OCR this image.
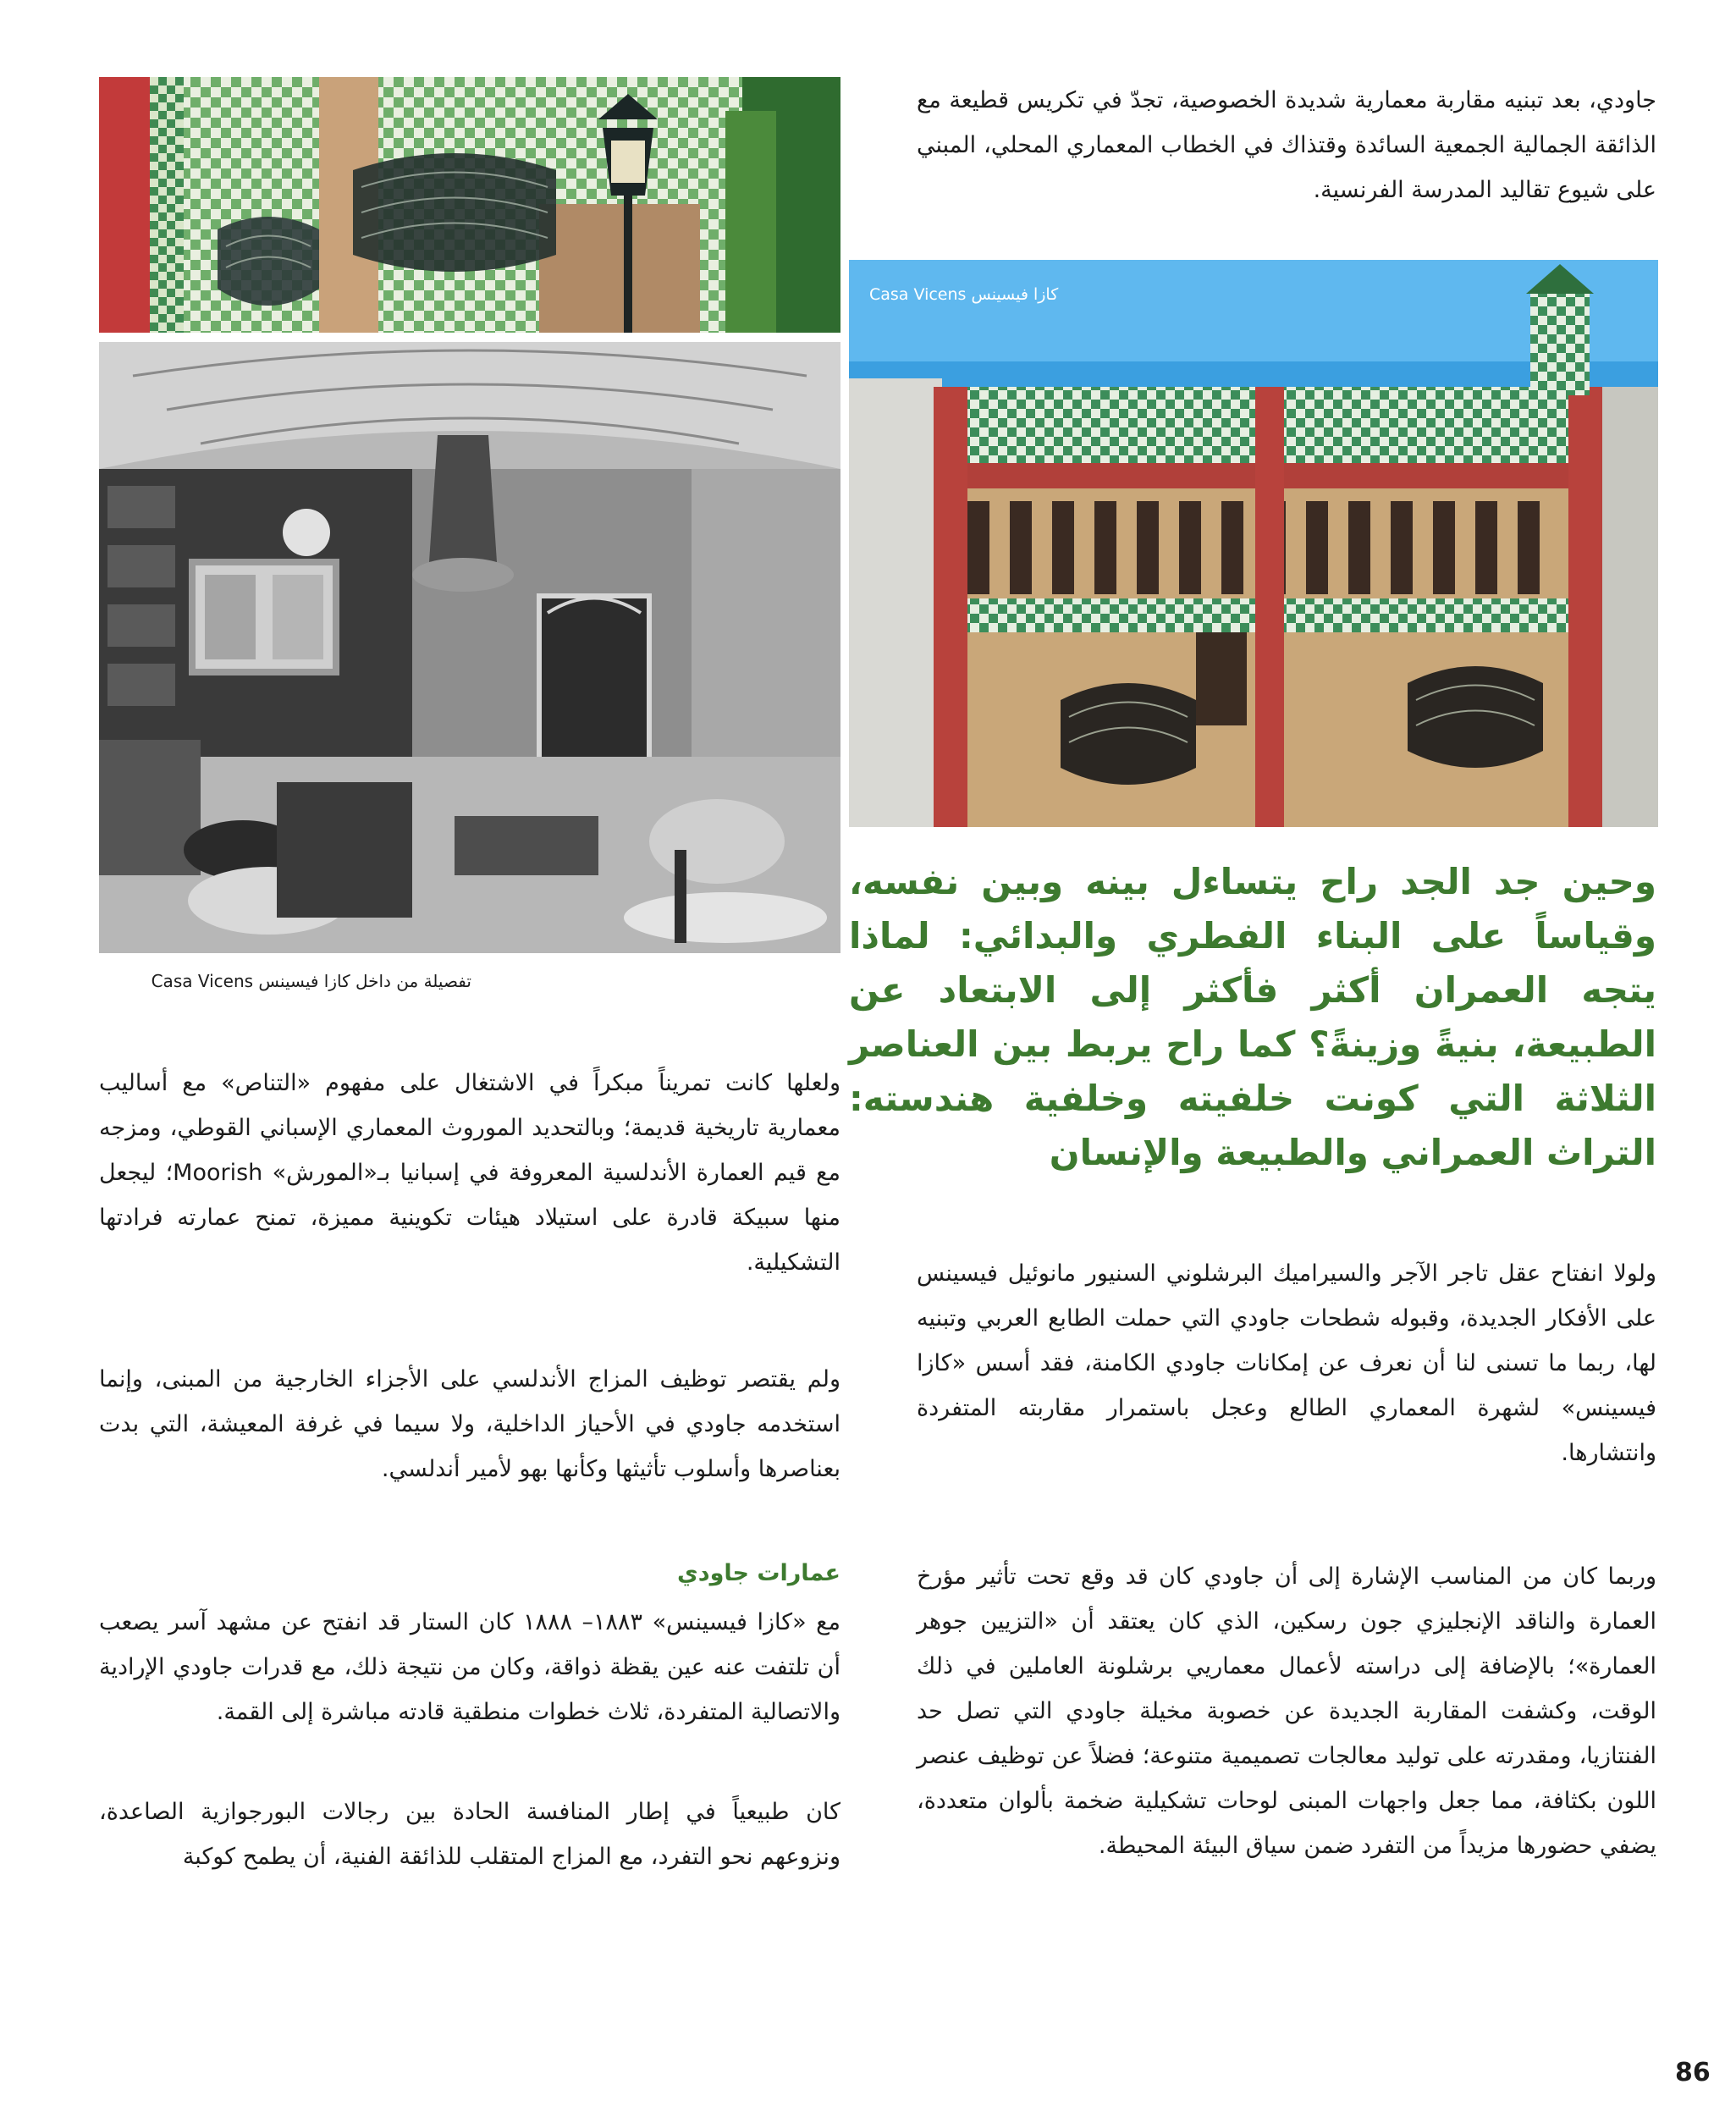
تفصيلة من داخل كازا فيسينس Casa Vicens

جاودي، بعد تبنيه مقاربة معمارية شديدة الخصوصية، تجدّ في تكريس قطيعة مع الذائقة الجمالية الجمعية السائدة وقتذاك في الخطاب المعماري المحلي، المبني على شيوع تقاليد المدرسة الفرنسية.

كازا فيسينس Casa Vicens

وحين جد الجد راح يتساءل بينه وبين نفسه، وقياساً على البناء الفطري والبدائي: لماذا يتجه العمران أكثر فأكثر إلى الابتعاد عن الطبيعة، بنيةً وزينةً؟ كما راح يربط بين العناصر الثلاثة التي كونت خلفيته وخلفية هندسته: التراث العمراني والطبيعة والإنسان

ولولا انفتاح عقل تاجر الآجر والسيراميك البرشلوني السنيور مانوئيل فيسينس على الأفكار الجديدة، وقبوله شطحات جاودي التي حملت الطابع العربي وتبنيه لها، ربما ما تسنى لنا أن نعرف عن إمكانات جاودي الكامنة، فقد أسس «كازا فيسينس» لشهرة المعماري الطالع وعجل باستمرار مقاربته المتفردة وانتشارها.

وربما كان من المناسب الإشارة إلى أن جاودي كان قد وقع تحت تأثير مؤرخ العمارة والناقد الإنجليزي جون رسكين، الذي كان يعتقد أن «التزيين جوهر العمارة»؛ بالإضافة إلى دراسته لأعمال معماريي برشلونة العاملين في ذلك الوقت، وكشفت المقاربة الجديدة عن خصوبة مخيلة جاودي التي تصل حد الفنتازيا، ومقدرته على توليد معالجات تصميمية متنوعة؛ فضلاً عن توظيف عنصر اللون بكثافة، مما جعل واجهات المبنى لوحات تشكيلية ضخمة بألوان متعددة، يضفي حضورها مزيداً من التفرد ضمن سياق البيئة المحيطة.

ولعلها كانت تمريناً مبكراً في الاشتغال على مفهوم «التناص» مع أساليب معمارية تاريخية قديمة؛ وبالتحديد الموروث المعماري الإسباني القوطي، ومزجه مع قيم العمارة الأندلسية المعروفة في إسبانيا بـ«المورش» Moorish؛ ليجعل منها سبيكة قادرة على استيلاد هيئات تكوينية مميزة، تمنح عمارته فرادتها التشكيلية.

ولم يقتصر توظيف المزاج الأندلسي على الأجزاء الخارجية من المبنى، وإنما استخدمه جاودي في الأحياز الداخلية، ولا سيما في غرفة المعيشة، التي بدت بعناصرها وأسلوب تأثيثها وكأنها بهو لأمير أندلسي.

عمارات جاودي

مع «كازا فيسينس» ١٨٨٣– ١٨٨٨ كان الستار قد انفتح عن مشهد آسر يصعب أن تلتفت عنه عين يقظة ذواقة، وكان من نتيجة ذلك، مع قدرات جاودي الإرادية والاتصالية المتفردة، ثلاث خطوات منطقية قادته مباشرة إلى القمة.

كان طبيعياً في إطار المنافسة الحادة بين رجالات البورجوازية الصاعدة، ونزوعهم نحو التفرد، مع المزاج المتقلب للذائقة الفنية، أن يطمح كوكبة

86
